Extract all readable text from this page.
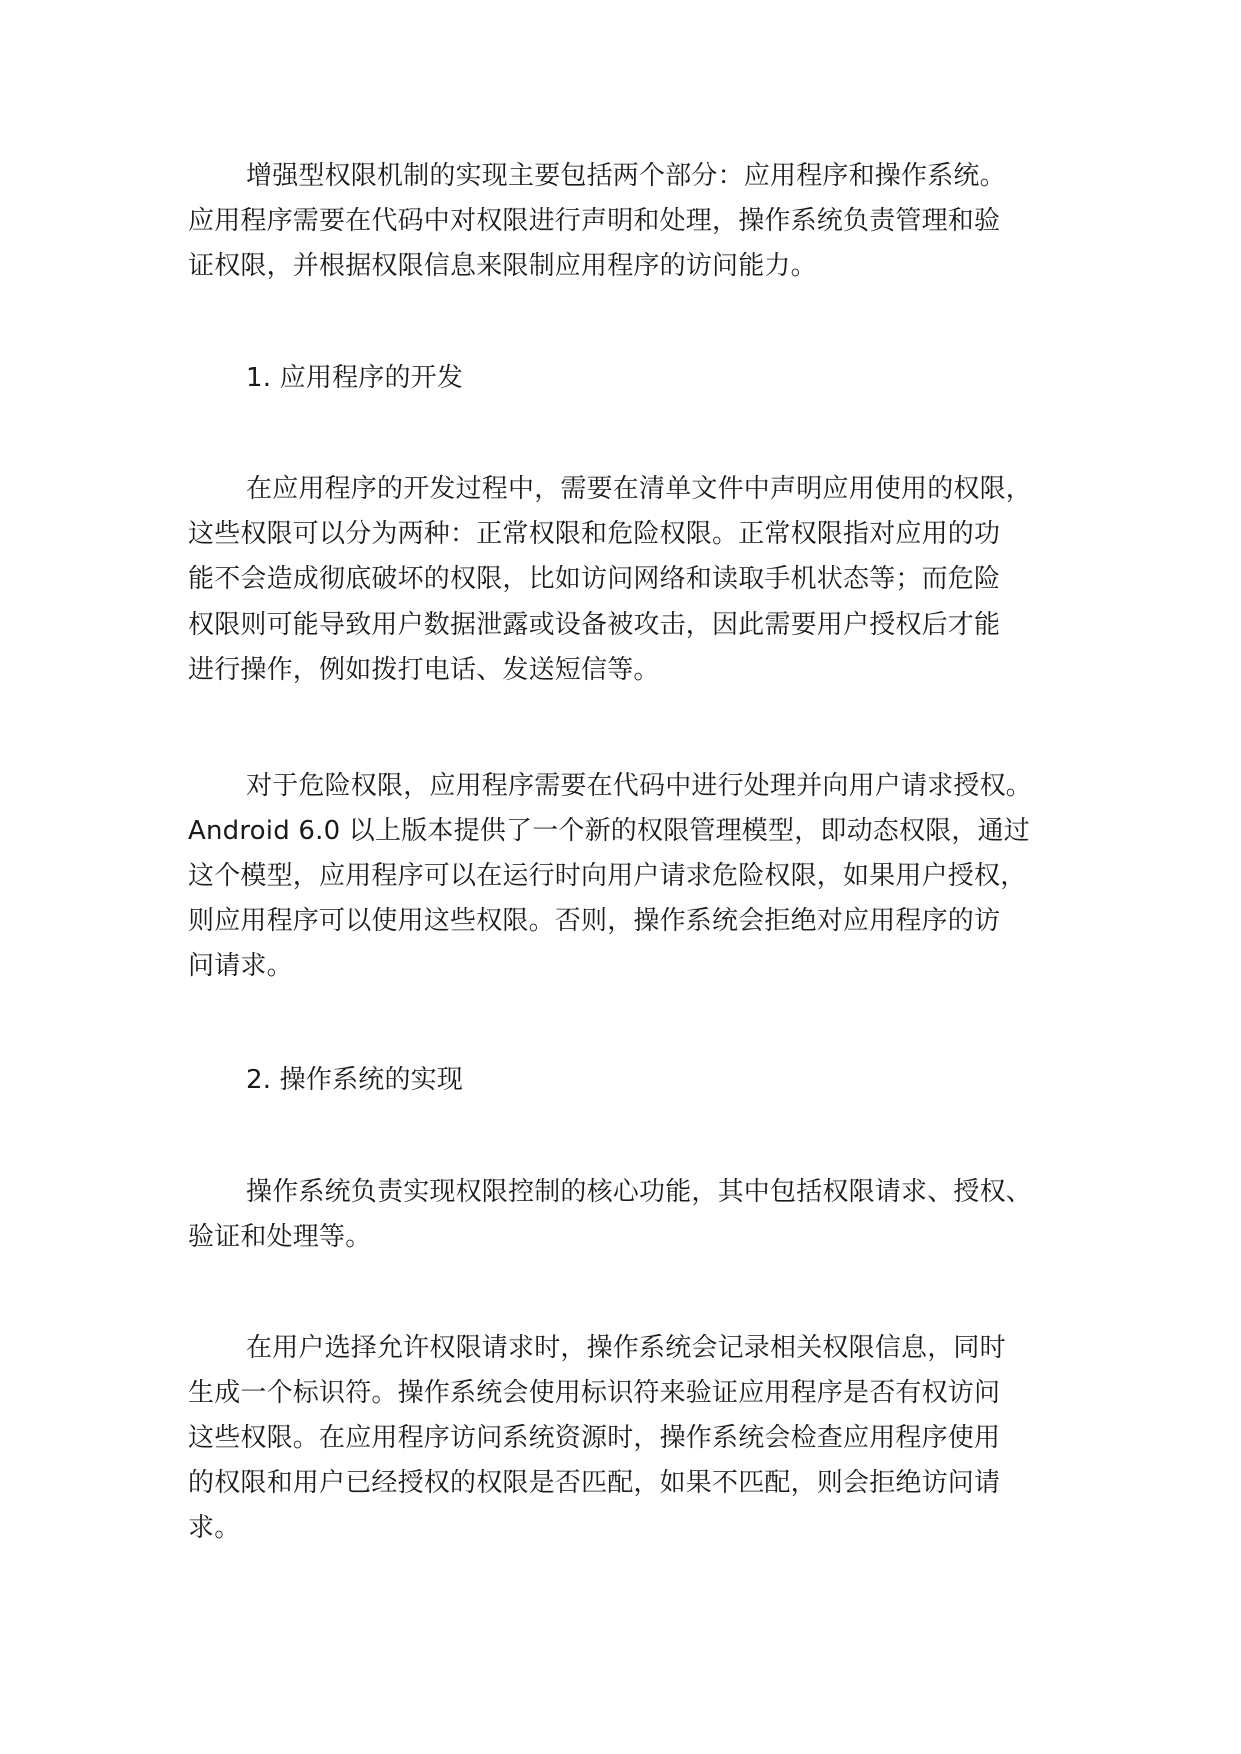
增强型权限机制的实现主要包括两个部分：应用程序和操作系统。
应用程序需要在代码中对权限进行声明和处理，操作系统负责管理和验
证权限，并根据权限信息来限制应用程序的访问能力。
1. 应用程序的开发
在应用程序的开发过程中，需要在清单文件中声明应用使用的权限，
这些权限可以分为两种：正常权限和危险权限。正常权限指对应用的功
能不会造成彻底破坏的权限，比如访问网络和读取手机状态等；而危险
权限则可能导致用户数据泄露或设备被攻击，因此需要用户授权后才能
进行操作，例如拨打电话、发送短信等。
对于危险权限，应用程序需要在代码中进行处理并向用户请求授权。
Android 6.0 以上版本提供了一个新的权限管理模型，即动态权限，通过
这个模型，应用程序可以在运行时向用户请求危险权限，如果用户授权，
则应用程序可以使用这些权限。否则，操作系统会拒绝对应用程序的访
问请求。
2. 操作系统的实现
操作系统负责实现权限控制的核心功能，其中包括权限请求、授权、
验证和处理等。
在用户选择允许权限请求时，操作系统会记录相关权限信息，同时
生成一个标识符。操作系统会使用标识符来验证应用程序是否有权访问
这些权限。在应用程序访问系统资源时，操作系统会检查应用程序使用
的权限和用户已经授权的权限是否匹配，如果不匹配，则会拒绝访问请
求。
